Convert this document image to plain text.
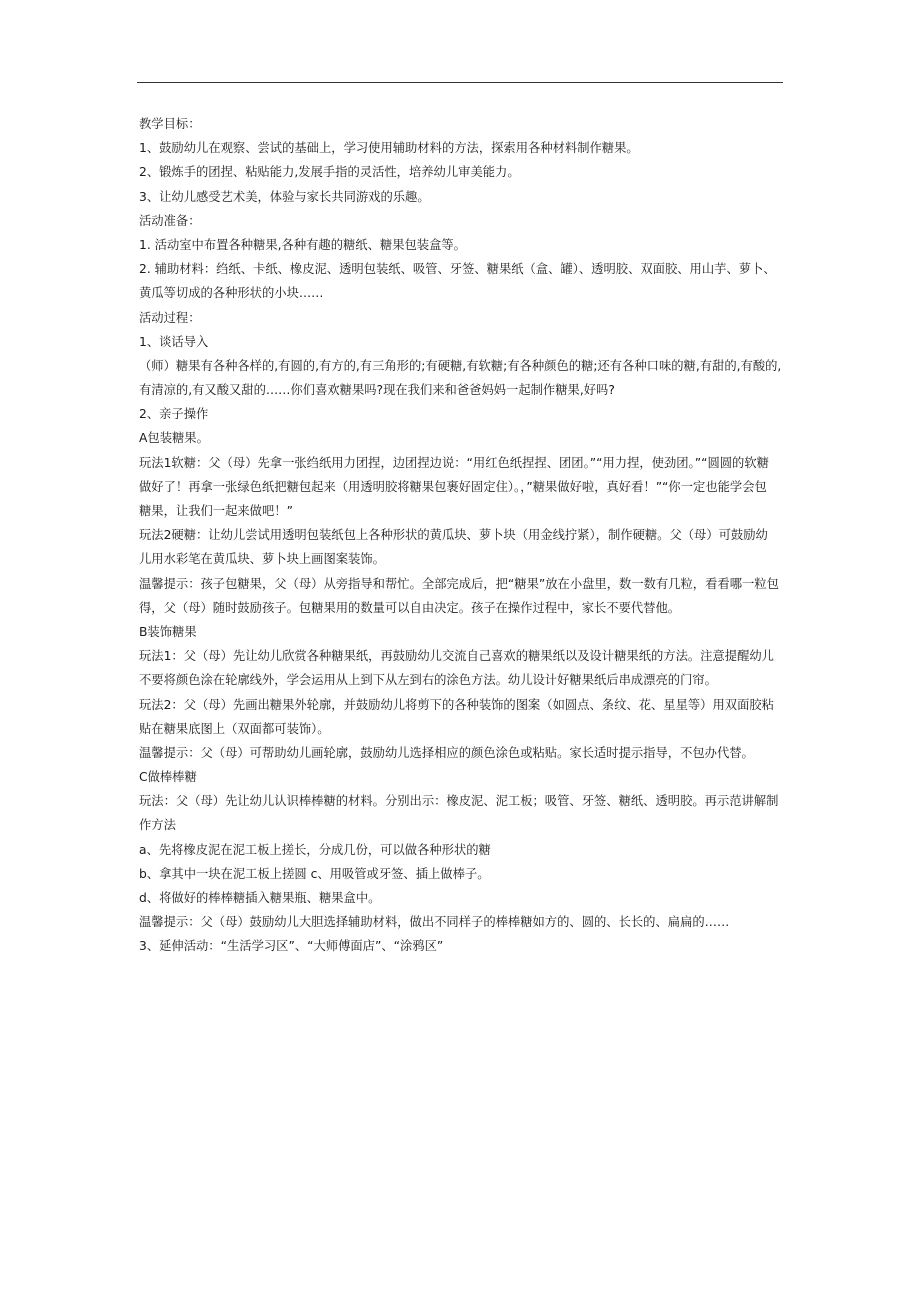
教学目标：
1、鼓励幼儿在观察、尝试的基础上，学习使用辅助材料的方法，探索用各种材料制作糖果。
2、锻炼手的团捏、粘贴能力,发展手指的灵活性，培养幼儿审美能力。
3、让幼儿感受艺术美，体验与家长共同游戏的乐趣。
活动准备：
1. 活动室中布置各种糖果,各种有趣的糖纸、糖果包装盒等。
2. 辅助材料：绉纸、卡纸、橡皮泥、透明包装纸、吸管、牙签、糖果纸（盒、罐）、透明胶、双面胶、用山芋、萝卜、
黄瓜等切成的各种形状的小块……
活动过程：
1、谈话导入
（师）糖果有各种各样的,有圆的,有方的,有三角形的;有硬糖,有软糖;有各种颜色的糖;还有各种口味的糖,有甜的,有酸的,
有清凉的,有又酸又甜的……你们喜欢糖果吗?现在我们来和爸爸妈妈一起制作糖果,好吗?
2、亲子操作
A包装糖果。
玩法1软糖：父（母）先拿一张绉纸用力团捏，边团捏边说：“用红色纸捏捏、团团。”“用力捏，使劲团。”“圆圆的软糖
做好了！再拿一张绿色纸把糖包起来（用透明胶将糖果包裹好固定住）。，”糖果做好啦，真好看！”“你一定也能学会包
糖果，让我们一起来做吧！”
玩法2硬糖：让幼儿尝试用透明包装纸包上各种形状的黄瓜块、萝卜块（用金线拧紧），制作硬糖。父（母）可鼓励幼
儿用水彩笔在黄瓜块、萝卜块上画图案装饰。
温馨提示：孩子包糖果，父（母）从旁指导和帮忙。全部完成后，把“糖果”放在小盘里，数一数有几粒，看看哪一粒包
得，父（母）随时鼓励孩子。包糖果用的数量可以自由决定。孩子在操作过程中，家长不要代替他。
B装饰糖果
玩法1：父（母）先让幼儿欣赏各种糖果纸，再鼓励幼儿交流自己喜欢的糖果纸以及设计糖果纸的方法。注意提醒幼儿
不要将颜色涂在轮廓线外，学会运用从上到下从左到右的涂色方法。幼儿设计好糖果纸后串成漂亮的门帘。
玩法2：父（母）先画出糖果外轮廓，并鼓励幼儿将剪下的各种装饰的图案（如圆点、条纹、花、星星等）用双面胶粘
贴在糖果底图上（双面都可装饰）。
温馨提示：父（母）可帮助幼儿画轮廓，鼓励幼儿选择相应的颜色涂色或粘贴。家长适时提示指导，不包办代替。
C做棒棒糖
玩法：父（母）先让幼儿认识棒棒糖的材料。分别出示：橡皮泥、泥工板；吸管、牙签、糖纸、透明胶。再示范讲解制
作方法
a、先将橡皮泥在泥工板上搓长，分成几份，可以做各种形状的糖
b、拿其中一块在泥工板上搓圆 c、用吸管或牙签、插上做棒子。
d、将做好的棒棒糖插入糖果瓶、糖果盒中。
温馨提示：父（母）鼓励幼儿大胆选择辅助材料，做出不同样子的棒棒糖如方的、圆的、长长的、扁扁的……
3、延伸活动：“生活学习区”、“大师傅面店”、“涂鸦区”
